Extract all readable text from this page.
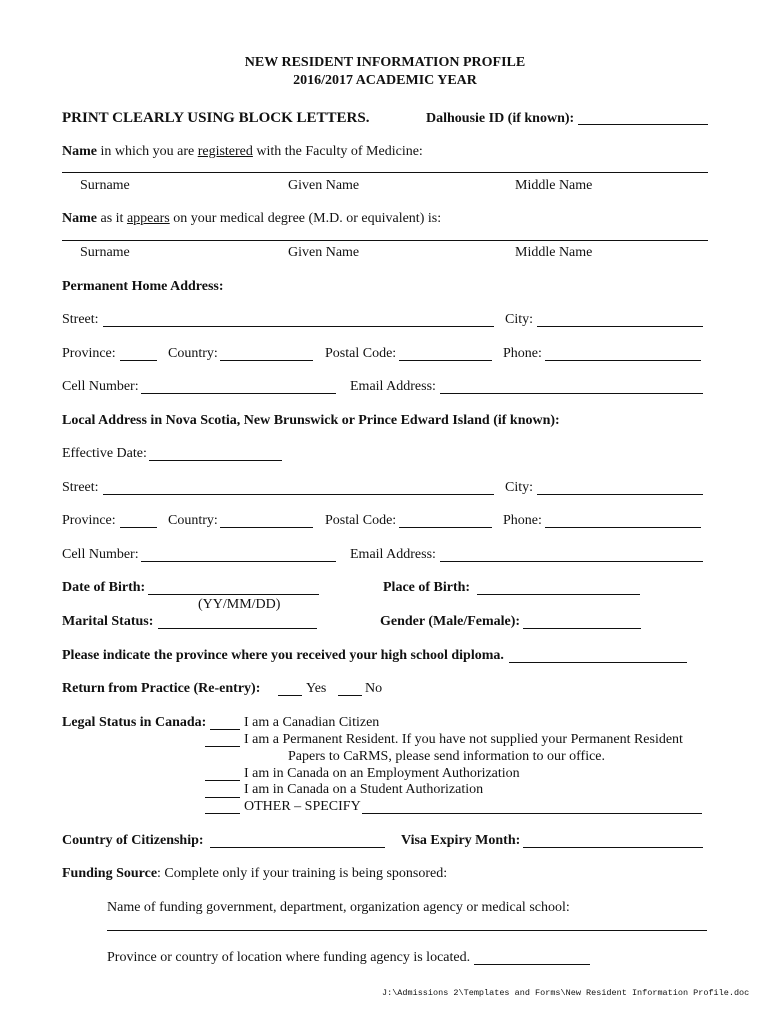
NEW RESIDENT INFORMATION PROFILE
2016/2017 ACADEMIC YEAR
PRINT CLEARLY USING BLOCK LETTERS.	Dalhousie ID (if known):
Name in which you are registered with the Faculty of Medicine:
Surname	Given Name	Middle Name
Name as it appears on your medical degree (M.D. or equivalent) is:
Surname	Given Name	Middle Name
Permanent Home Address:
Street:	City:
Province:	Country:	Postal Code:	Phone:
Cell Number:	Email Address:
Local Address in Nova Scotia, New Brunswick or Prince Edward Island (if known):
Effective Date:
Street:	City:
Province:	Country:	Postal Code:	Phone:
Cell Number:	Email Address:
Date of Birth:	Place of Birth:
(YY/MM/DD)
Marital Status:	Gender (Male/Female):
Please indicate the province where you received your high school diploma.
Return from Practice (Re-entry):	Yes	No
Legal Status in Canada:	I am a Canadian Citizen
I am a Permanent Resident. If you have not supplied your Permanent Resident
Papers to CaRMS, please send information to our office.
I am in Canada on an Employment Authorization
I am in Canada on a Student Authorization
OTHER – SPECIFY
Country of Citizenship:	Visa Expiry Month:
Funding Source: Complete only if your training is being sponsored:
Name of funding government, department, organization agency or medical school:
Province or country of location where funding agency is located.
J:\Admissions 2\Templates and Forms\New Resident Information Profile.doc
